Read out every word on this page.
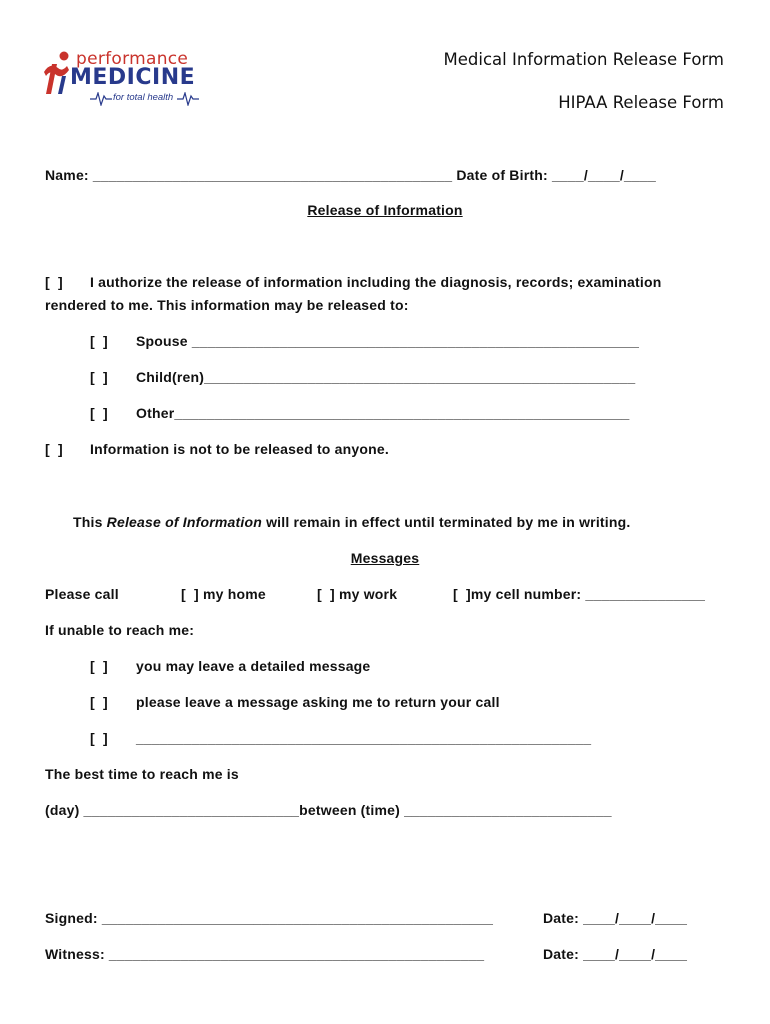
performance
MEDICINE
for total health
Medical Information Release Form
HIPAA Release Form
Name: _____________________________________________ Date of Birth: ____/____/____
Release of Information
[  ] I authorize the release of information including the diagnosis, records; examination
rendered to me. This information may be released to:
[  ] Spouse ________________________________________________________
[  ] Child(ren)______________________________________________________
[  ] Other_________________________________________________________
[  ] Information is not to be released to anyone.
This Release of Information will remain in effect until terminated by me in writing.
Messages
Please call	[  ] my home	[  ] my work	[  ]my cell number: _______________
If unable to reach me:
[  ] you may leave a detailed message
[  ] please leave a message asking me to return your call
[  ] _________________________________________________________
The best time to reach me is
(day) ___________________________between (time) __________________________
Signed: _________________________________________________	Date: ____/____/____
Witness: _______________________________________________	Date: ____/____/____
